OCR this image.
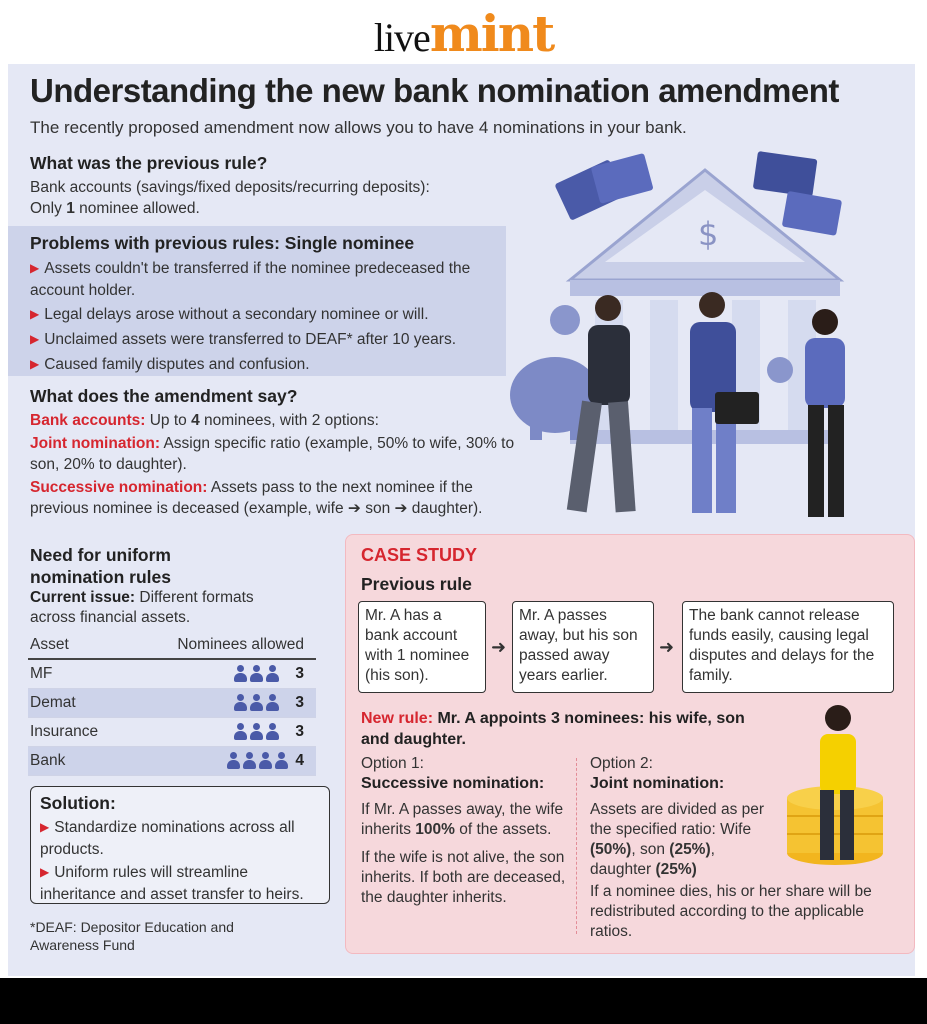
livemint
Understanding the new bank nomination amendment
The recently proposed amendment now allows you to have 4 nominations in your bank.
What was the previous rule?
Bank accounts (savings/fixed deposits/recurring deposits):
Only 1 nominee allowed.
Problems with previous rules: Single nominee
▶ Assets couldn't be transferred if the nominee predeceased the account holder.
▶ Legal delays arose without a secondary nominee or will.
▶ Unclaimed assets were transferred to DEAF* after 10 years.
▶ Caused family disputes and confusion.
What does the amendment say?
Bank accounts: Up to 4 nominees, with 2 options:
Joint nomination: Assign specific ratio (example, 50% to wife, 30% to son, 20% to daughter).
Successive nomination: Assets pass to the next nominee if the previous nominee is deceased (example, wife ➔ son ➔ daughter).
$
Need for uniform
nomination rules
Current issue: Different formats across financial assets.
Asset	Nominees allowed
MF	3
Demat	3
Insurance	3
Bank	4
Solution:
▶ Standardize nominations across all products.
▶ Uniform rules will streamline inheritance and asset transfer to heirs.
*DEAF: Depositor Education and Awareness Fund
CASE STUDY
Previous rule
Mr. A has a bank account with 1 nominee (his son).
➜
Mr. A passes away, but his son passed away years earlier.
➜
The bank cannot release funds easily, causing legal disputes and delays for the family.
New rule: Mr. A appoints 3 nominees: his wife, son and daughter.
Option 1:
Successive nomination:
If Mr. A passes away, the wife inherits 100% of the assets.
If the wife is not alive, the son inherits. If both are deceased, the daughter inherits.
Option 2:
Joint nomination:
Assets are divided as per the specified ratio: Wife (50%), son (25%), daughter (25%)
If a nominee dies, his or her share will be redistributed according to the applicable ratios.
